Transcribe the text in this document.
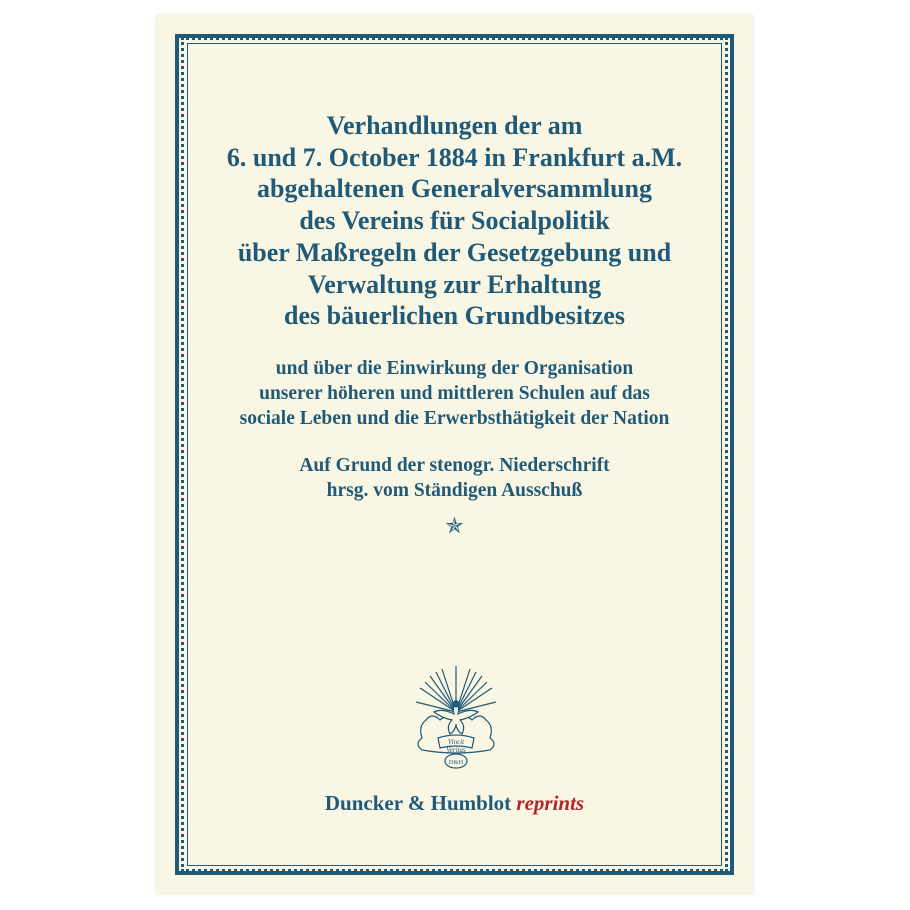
Verhandlungen der am
6. und 7. October 1884 in Frankfurt a.M.
abgehaltenen Generalversammlung
des Vereins für Socialpolitik
über Maßregeln der Gesetzgebung und
Verwaltung zur Erhaltung
des bäuerlichen Grundbesitzes
und über die Einwirkung der Organisation
unserer höheren und mittleren Schulen auf das
sociale Leben und die Erwerbsthätigkeit der Nation
Auf Grund der stenogr. Niederschrift
hrsg. vom Ständigen Ausschuß
✯
Vincit
Veritas
D&H
Duncker & Humblot reprints
